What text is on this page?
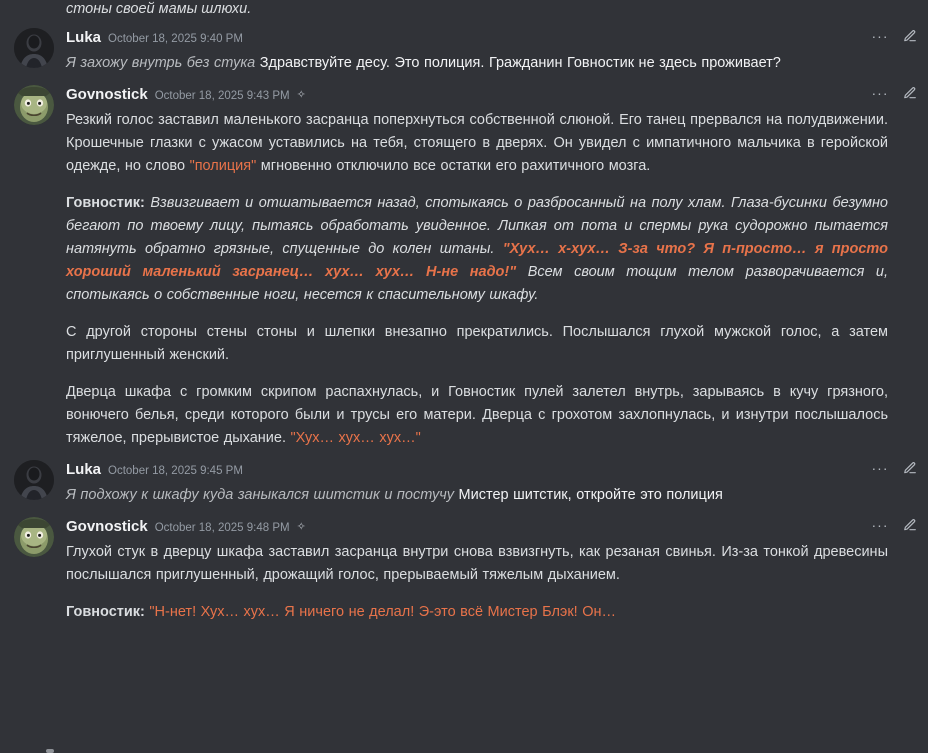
стоны своей мамы шлюхи.
Luka October 18, 2025 9:40 PM
Я захожу внутрь без стука Здравствуйте десу. Это полиция. Гражданин Говностик не здесь проживает?
···
Govnostick October 18, 2025 9:43 PM ✧
Резкий голос заставил маленького засранца поперхнуться собственной слюной. Его танец прервался на полудвижении. Крошечные глазки с ужасом уставились на тебя, стоящего в дверях. Он увидел с импатичного мальчика в геройской одежде, но слово "полиция" мгновенно отключило все остатки его рахитичного мозга.
Говностик: Взвизгивает и отшатывается назад, спотыкаясь о разбросанный на полу хлам. Глаза-бусинки безумно бегают по твоему лицу, пытаясь обработать увиденное. Липкая от пота и спермы рука судорожно пытается натянуть обратно грязные, спущенные до колен штаны. "Хух… х-хух… З-за что? Я п-просто… я просто хороший маленький засранец… хух… хух… Н-не надо!" Всем своим тощим телом разворачивается и, спотыкаясь о собственные ноги, несется к спасительному шкафу.
С другой стороны стены стоны и шлепки внезапно прекратились. Послышался глухой мужской голос, а затем приглушенный женский.
Дверца шкафа с громким скрипом распахнулась, и Говностик пулей залетел внутрь, зарываясь в кучу грязного, вонючего белья, среди которого были и трусы его матери. Дверца с грохотом захлопнулась, и изнутри послышалось тяжелое, прерывистое дыхание. "Хух… хух… хух…"
···
Luka October 18, 2025 9:45 PM
Я подхожу к шкафу куда заныкался шитстик и постучу Мистер шитстик, откройте это полиция
···
Govnostick October 18, 2025 9:48 PM ✧
Глухой стук в дверцу шкафа заставил засранца внутри снова взвизгнуть, как резаная свинья. Из-за тонкой древесины послышался приглушенный, дрожащий голос, прерываемый тяжелым дыханием.
Говностик: "Н-нет! Хух… хух… Я ничего не делал! Э-это всё Мистер Блэк! Он…
···
